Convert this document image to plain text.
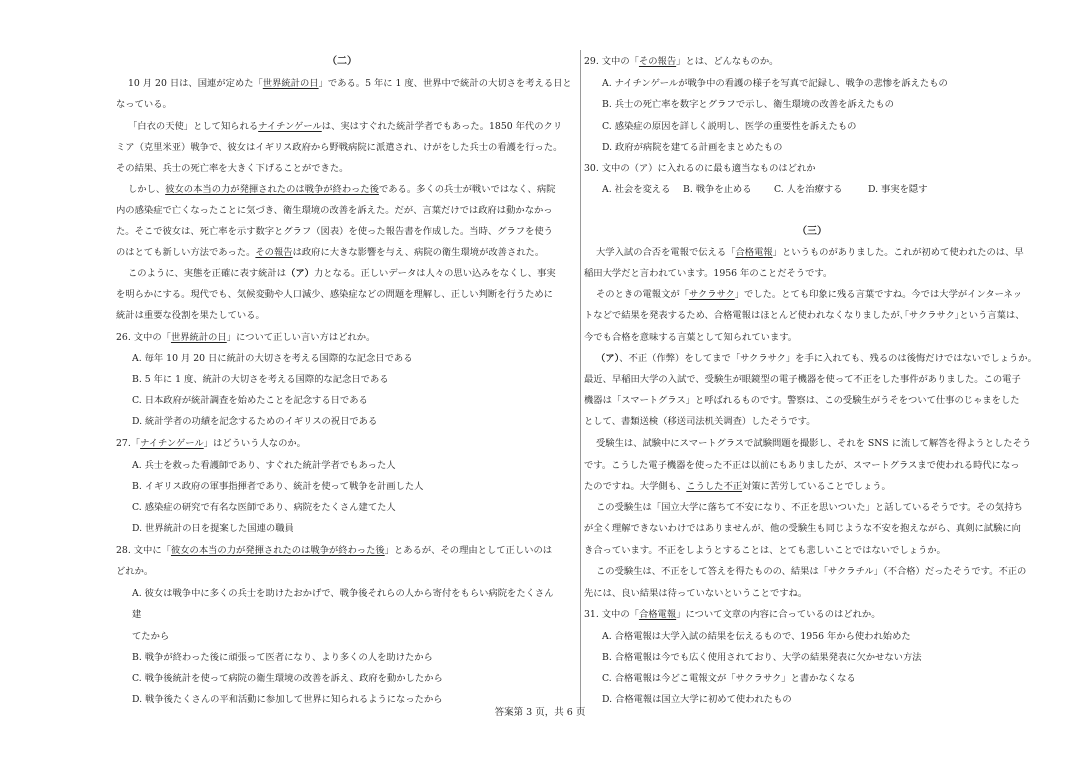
（二）
10 月 20 日は、国連が定めた「世界統計の日」である。5 年に 1 度、世界中で統計の大切さを考える日と
なっている。
「白衣の天使」として知られるナイチンゲールは、実はすぐれた統計学者でもあった。1850 年代のクリ
ミア（克里米亚）戦争で、彼女はイギリス政府から野戦病院に派遣され、けがをした兵士の看護を行った。
その結果、兵士の死亡率を大きく下げることができた。
しかし、彼女の本当の力が発揮されたのは戦争が終わった後である。多くの兵士が戦いではなく、病院
内の感染症で亡くなったことに気づき、衛生環境の改善を訴えた。だが、言葉だけでは政府は動かなかっ
た。そこで彼女は、死亡率を示す数字とグラフ（図表）を使った報告書を作成した。当時、グラフを使う
のはとても新しい方法であった。その報告は政府に大きな影響を与え、病院の衛生環境が改善された。
このように、実態を正確に表す統計は（ア）力となる。正しいデータは人々の思い込みをなくし、事実
を明らかにする。現代でも、気候変動や人口減少、感染症などの問題を理解し、正しい判断を行うために
統計は重要な役割を果たしている。
26. 文中の「世界統計の日」について正しい言い方はどれか。
A. 毎年 10 月 20 日に統計の大切さを考える国際的な記念日である
B. 5 年に 1 度、統計の大切さを考える国際的な記念日である
C. 日本政府が統計調査を始めたことを記念する日である
D. 統計学者の功績を記念するためのイギリスの祝日である
27.「ナイチンゲール」はどういう人なのか。
A. 兵士を救った看護師であり、すぐれた統計学者でもあった人
B. イギリス政府の軍事指揮者であり、統計を使って戦争を計画した人
C. 感染症の研究で有名な医師であり、病院をたくさん建てた人
D. 世界統計の日を提案した国連の職員
28. 文中に「彼女の本当の力が発揮されたのは戦争が終わった後」とあるが、その理由として正しいのは
どれか。
A. 彼女は戦争中に多くの兵士を助けたおかげで、戦争後それらの人から寄付をもらい病院をたくさん
建
てたから
B. 戦争が終わった後に頑張って医者になり、より多くの人を助けたから
C. 戦争後統計を使って病院の衛生環境の改善を訴え、政府を動かしたから
D. 戦争後たくさんの平和活動に参加して世界に知られるようになったから
29. 文中の「その報告」とは、どんなものか。
A. ナイチンゲールが戦争中の看護の様子を写真で記録し、戦争の悲惨を訴えたもの
B. 兵士の死亡率を数字とグラフで示し、衛生環境の改善を訴えたもの
C. 感染症の原因を詳しく説明し、医学の重要性を訴えたもの
D. 政府が病院を建てる計画をまとめたもの
30. 文中の（ア）に入れるのに最も適当なものはどれか
A. 社会を変える B. 戦争を止める C. 人を治療する	D. 事実を隠す
（三）
大学入試の合否を電報で伝える「合格電報」というものがありました。これが初めて使われたのは、早
稲田大学だと言われています。1956 年のことだそうです。
そのときの電報文が「サクラサク」でした。とても印象に残る言葉ですね。今では大学がインターネッ
トなどで結果を発表するため、合格電報はほとんど使われなくなりましたが､｢サクラサク｣という言葉は、
今でも合格を意味する言葉として知られています。
（ア）、不正（作弊）をしてまで「サクラサク」を手に入れても、残るのは後悔だけではないでしょうか。
最近、早稲田大学の入試で、受験生が眼鏡型の電子機器を使って不正をした事件がありました。この電子
機器は「スマートグラス」と呼ばれるものです。警察は、この受験生がうそをついて仕事のじゃまをした
として、書類送検（移送司法机关调查）したそうです。
受験生は、試験中にスマートグラスで試験問題を撮影し、それを SNS に流して解答を得ようとしたそう
です。こうした電子機器を使った不正は以前にもありましたが、スマートグラスまで使われる時代になっ
たのですね。大学側も、こうした不正対策に苦労していることでしょう。
この受験生は「国立大学に落ちて不安になり、不正を思いついた」と話しているそうです。その気持ち
が全く理解できないわけではありませんが、他の受験生も同じような不安を抱えながら、真剣に試験に向
き合っています。不正をしようとすることは、とても悲しいことではないでしょうか。
この受験生は、不正をして答えを得たものの、結果は「サクラチル」（不合格）だったそうです。不正の
先には、良い結果は待っていないということですね。
31. 文中の「合格電報」について文章の内容に合っているのはどれか。
A. 合格電報は大学入試の結果を伝えるもので、1956 年から使われ始めた
B. 合格電報は今でも広く使用されており、大学の結果発表に欠かせない方法
C. 合格電報は今どこ電報文が「サクラサク」と書かなくなる
D. 合格電報は国立大学に初めて使われたもの
答案第 3 页，共 6 页
